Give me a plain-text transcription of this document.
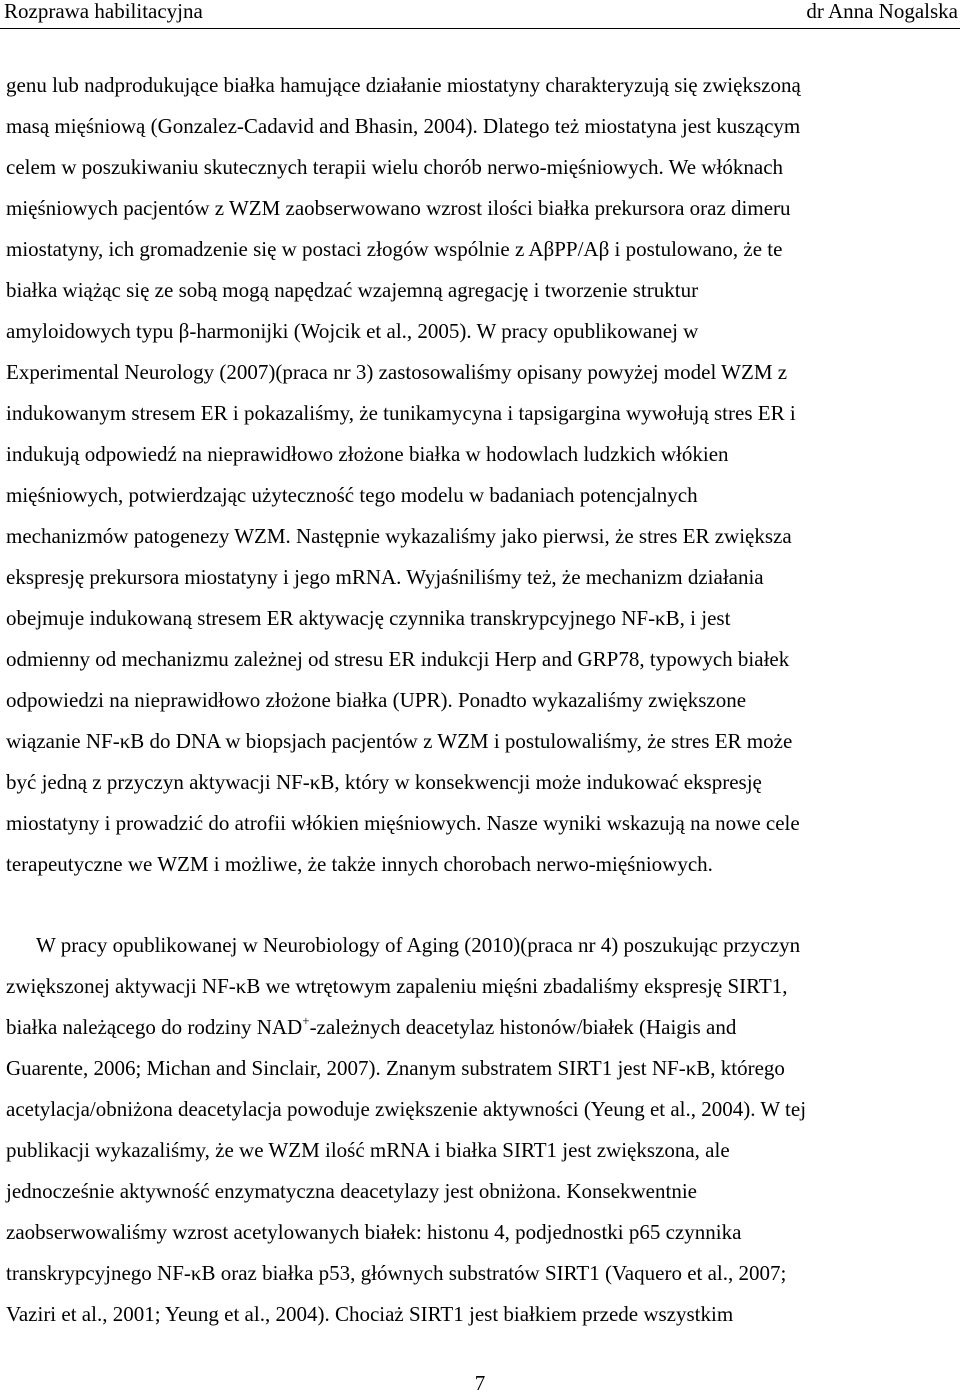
Rozprawa habilitacyjna	dr Anna Nogalska
genu lub nadprodukujące białka hamujące działanie miostatyny charakteryzują się zwiększoną
masą mięśniową (Gonzalez-Cadavid and Bhasin, 2004). Dlatego też miostatyna jest kuszącym
celem w poszukiwaniu skutecznych terapii wielu chorób nerwo-mięśniowych. We włóknach
mięśniowych pacjentów z WZM zaobserwowano wzrost ilości białka prekursora oraz dimeru
miostatyny, ich gromadzenie się w postaci złogów wspólnie z AβPP/Aβ i postulowano, że te
białka wiążąc się ze sobą mogą napędzać wzajemną agregację i tworzenie struktur
amyloidowych typu β-harmonijki (Wojcik et al., 2005). W pracy opublikowanej w
Experimental Neurology (2007)(praca nr 3) zastosowaliśmy opisany powyżej model WZM z
indukowanym stresem ER i pokazaliśmy, że tunikamycyna i tapsigargina wywołują stres ER i
indukują odpowiedź na nieprawidłowo złożone białka w hodowlach ludzkich włókien
mięśniowych, potwierdzając użyteczność tego modelu w badaniach potencjalnych
mechanizmów patogenezy WZM. Następnie wykazaliśmy jako pierwsi, że stres ER zwiększa
ekspresję prekursora miostatyny i jego mRNA. Wyjaśniliśmy też, że mechanizm działania
obejmuje indukowaną stresem ER aktywację czynnika transkrypcyjnego NF-κB, i jest
odmienny od mechanizmu zależnej od stresu ER indukcji Herp and GRP78, typowych białek
odpowiedzi na nieprawidłowo złożone białka (UPR). Ponadto wykazaliśmy zwiększone
wiązanie NF-κB do DNA w biopsjach pacjentów z WZM i postulowaliśmy, że stres ER może
być jedną z przyczyn aktywacji NF-κB, który w konsekwencji może indukować ekspresję
miostatyny i prowadzić do atrofii włókien mięśniowych. Nasze wyniki wskazują na nowe cele
terapeutyczne we WZM i możliwe, że także innych chorobach nerwo-mięśniowych.
W pracy opublikowanej w Neurobiology of Aging (2010)(praca nr 4) poszukując przyczyn
zwiększonej aktywacji NF-κB we wtrętowym zapaleniu mięśni zbadaliśmy ekspresję SIRT1,
białka należącego do rodziny NAD+-zależnych deacetylaz histonów/białek (Haigis and
Guarente, 2006; Michan and Sinclair, 2007). Znanym substratem SIRT1 jest NF-κB, którego
acetylacja/obniżona deacetylacja powoduje zwiększenie aktywności (Yeung et al., 2004). W tej
publikacji wykazaliśmy, że we WZM ilość mRNA i białka SIRT1 jest zwiększona, ale
jednocześnie aktywność enzymatyczna deacetylazy jest obniżona. Konsekwentnie
zaobserwowaliśmy wzrost acetylowanych białek: histonu 4, podjednostki p65 czynnika
transkrypcyjnego NF-κB oraz białka p53, głównych substratów SIRT1 (Vaquero et al., 2007;
Vaziri et al., 2001; Yeung et al., 2004). Chociaż SIRT1 jest białkiem przede wszystkim
7
